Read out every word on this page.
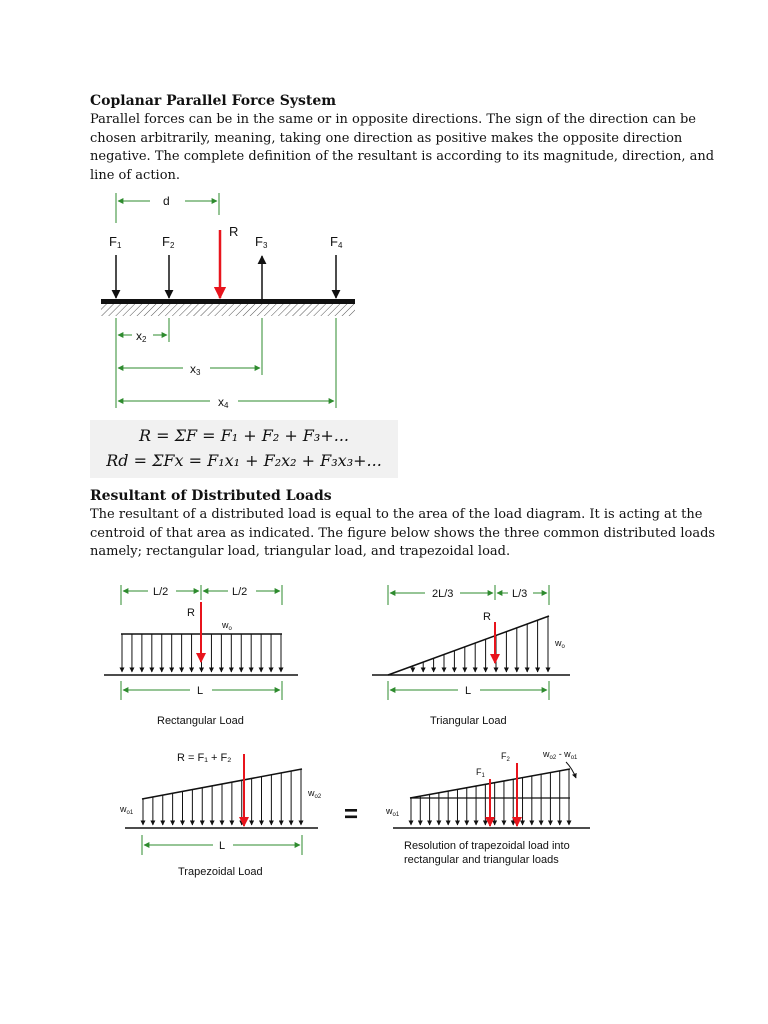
Coplanar Parallel Force System
Parallel forces can be in the same or in opposite directions. The sign of the direction can be
chosen arbitrarily, meaning, taking one direction as positive makes the opposite direction
negative. The complete definition of the resultant is according to its magnitude, direction, and
line of action.
d
F1	F2
R
F3	F4
x2
x3
x4
R = ΣF = F₁ + F₂ + F₃+...
Rd = ΣFx = F₁x₁ + F₂x₂ + F₃x₃+...
Resultant of Distributed Loads
The resultant of a distributed load is equal to the area of the load diagram. It is acting at the
centroid of that area as indicated. The figure below shows the three common distributed loads
namely; rectangular load, triangular load, and trapezoidal load.
L/2	L/2
R
$w_o$
L
Rectangular Load
2L/3	L/3
R
$w_o$
L
Triangular Load
R = F₁ + F₂
$w_{o1}$
$w_{o2}$
L
Trapezoidal Load
=
$F_2$
$F_1$
$w_{o2} - w_{o1}$
$w_{o1}$
Resolution of trapezoidal load into
rectangular and triangular loads
